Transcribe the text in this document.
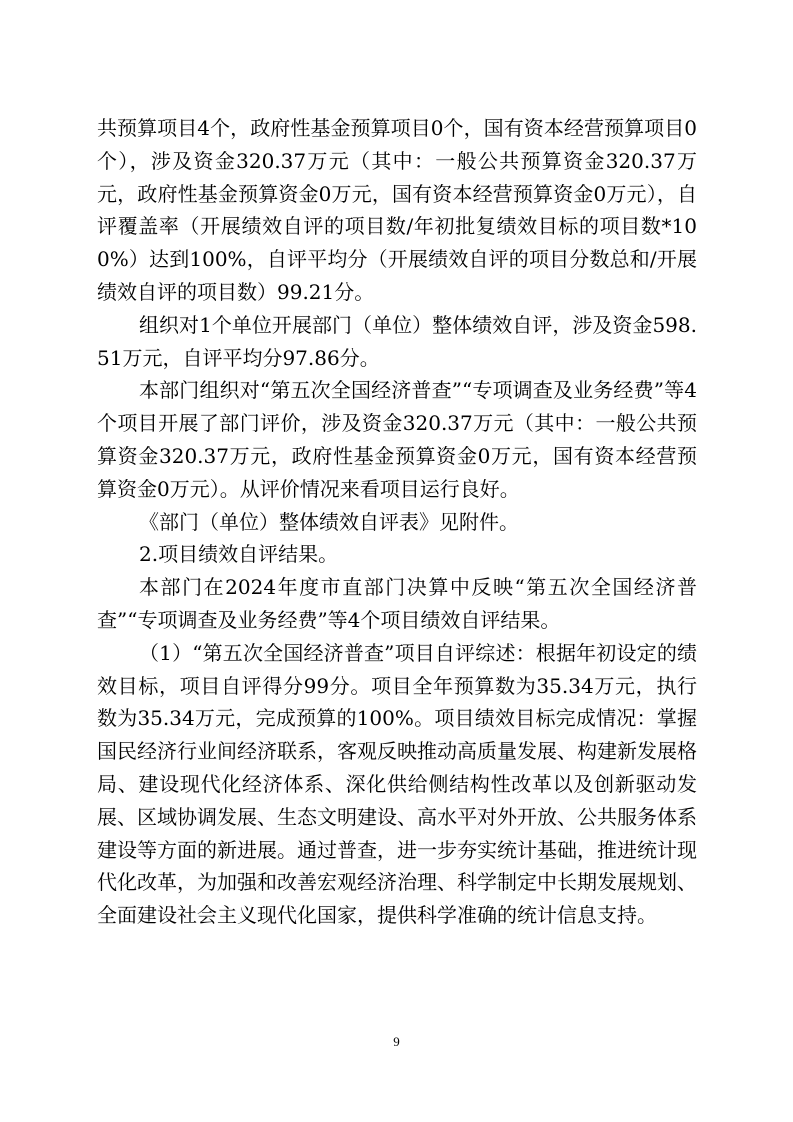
共预算项目4个，政府性基金预算项目0个，国有资本经营预算项目0个），涉及资金320.37万元（其中：一般公共预算资金320.37万元，政府性基金预算资金0万元，国有资本经营预算资金0万元），自评覆盖率（开展绩效自评的项目数/年初批复绩效目标的项目数*100%）达到100%，自评平均分（开展绩效自评的项目分数总和/开展绩效自评的项目数）99.21分。

组织对1个单位开展部门（单位）整体绩效自评，涉及资金598.51万元，自评平均分97.86分。

本部门组织对“第五次全国经济普查”“专项调查及业务经费”等4个项目开展了部门评价，涉及资金320.37万元（其中：一般公共预算资金320.37万元，政府性基金预算资金0万元，国有资本经营预算资金0万元）。从评价情况来看项目运行良好。

《部门（单位）整体绩效自评表》见附件。

2.项目绩效自评结果。

本部门在2024年度市直部门决算中反映“第五次全国经济普查”“专项调查及业务经费”等4个项目绩效自评结果。

（1）“第五次全国经济普查”项目自评综述：根据年初设定的绩效目标，项目自评得分99分。项目全年预算数为35.34万元，执行数为35.34万元，完成预算的100%。项目绩效目标完成情况：掌握国民经济行业间经济联系，客观反映推动高质量发展、构建新发展格局、建设现代化经济体系、深化供给侧结构性改革以及创新驱动发展、区域协调发展、生态文明建设、高水平对外开放、公共服务体系建设等方面的新进展。通过普查，进一步夯实统计基础，推进统计现代化改革，为加强和改善宏观经济治理、科学制定中长期发展规划、全面建设社会主义现代化国家，提供科学准确的统计信息支持。

9
